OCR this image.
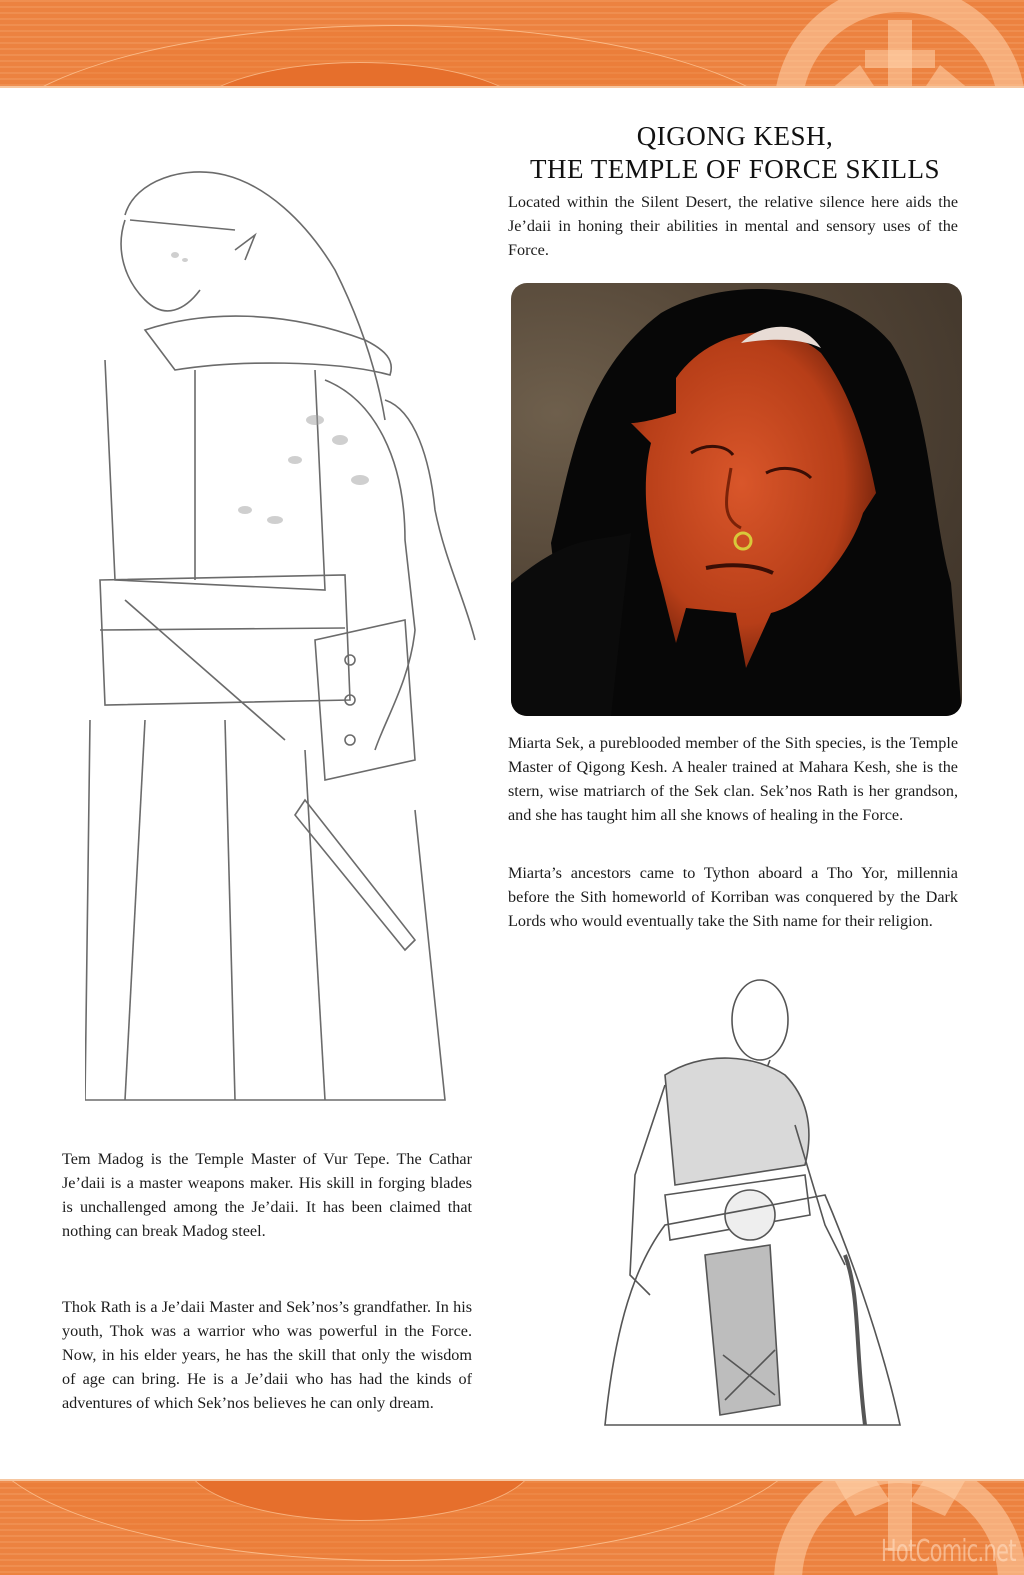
QIGONG KESH,
THE TEMPLE OF FORCE SKILLS

Located within the Silent Desert, the relative silence here aids the Je’daii in honing their abilities in mental and sensory uses of the Force.

Miarta Sek, a pureblooded member of the Sith species, is the Temple Master of Qigong Kesh. A healer trained at Mahara Kesh, she is the stern, wise matriarch of the Sek clan. Sek’nos Rath is her grandson, and she has taught him all she knows of healing in the Force.

Miarta’s ancestors came to Tython aboard a Tho Yor, millennia before the Sith homeworld of Korriban was conquered by the Dark Lords who would eventually take the Sith name for their religion.

Tem Madog is the Temple Master of Vur Tepe. The Cathar Je’daii is a master weapons maker. His skill in forging blades is unchallenged among the Je’daii. It has been claimed that nothing can break Madog steel.

Thok Rath is a Je’daii Master and Sek’nos’s grandfather. In his youth, Thok was a warrior who was powerful in the Force. Now, in his elder years, he has the skill that only the wisdom of age can bring. He is a Je’daii who has had the kinds of adventures of which Sek’nos believes he can only dream.

HotComic.net
